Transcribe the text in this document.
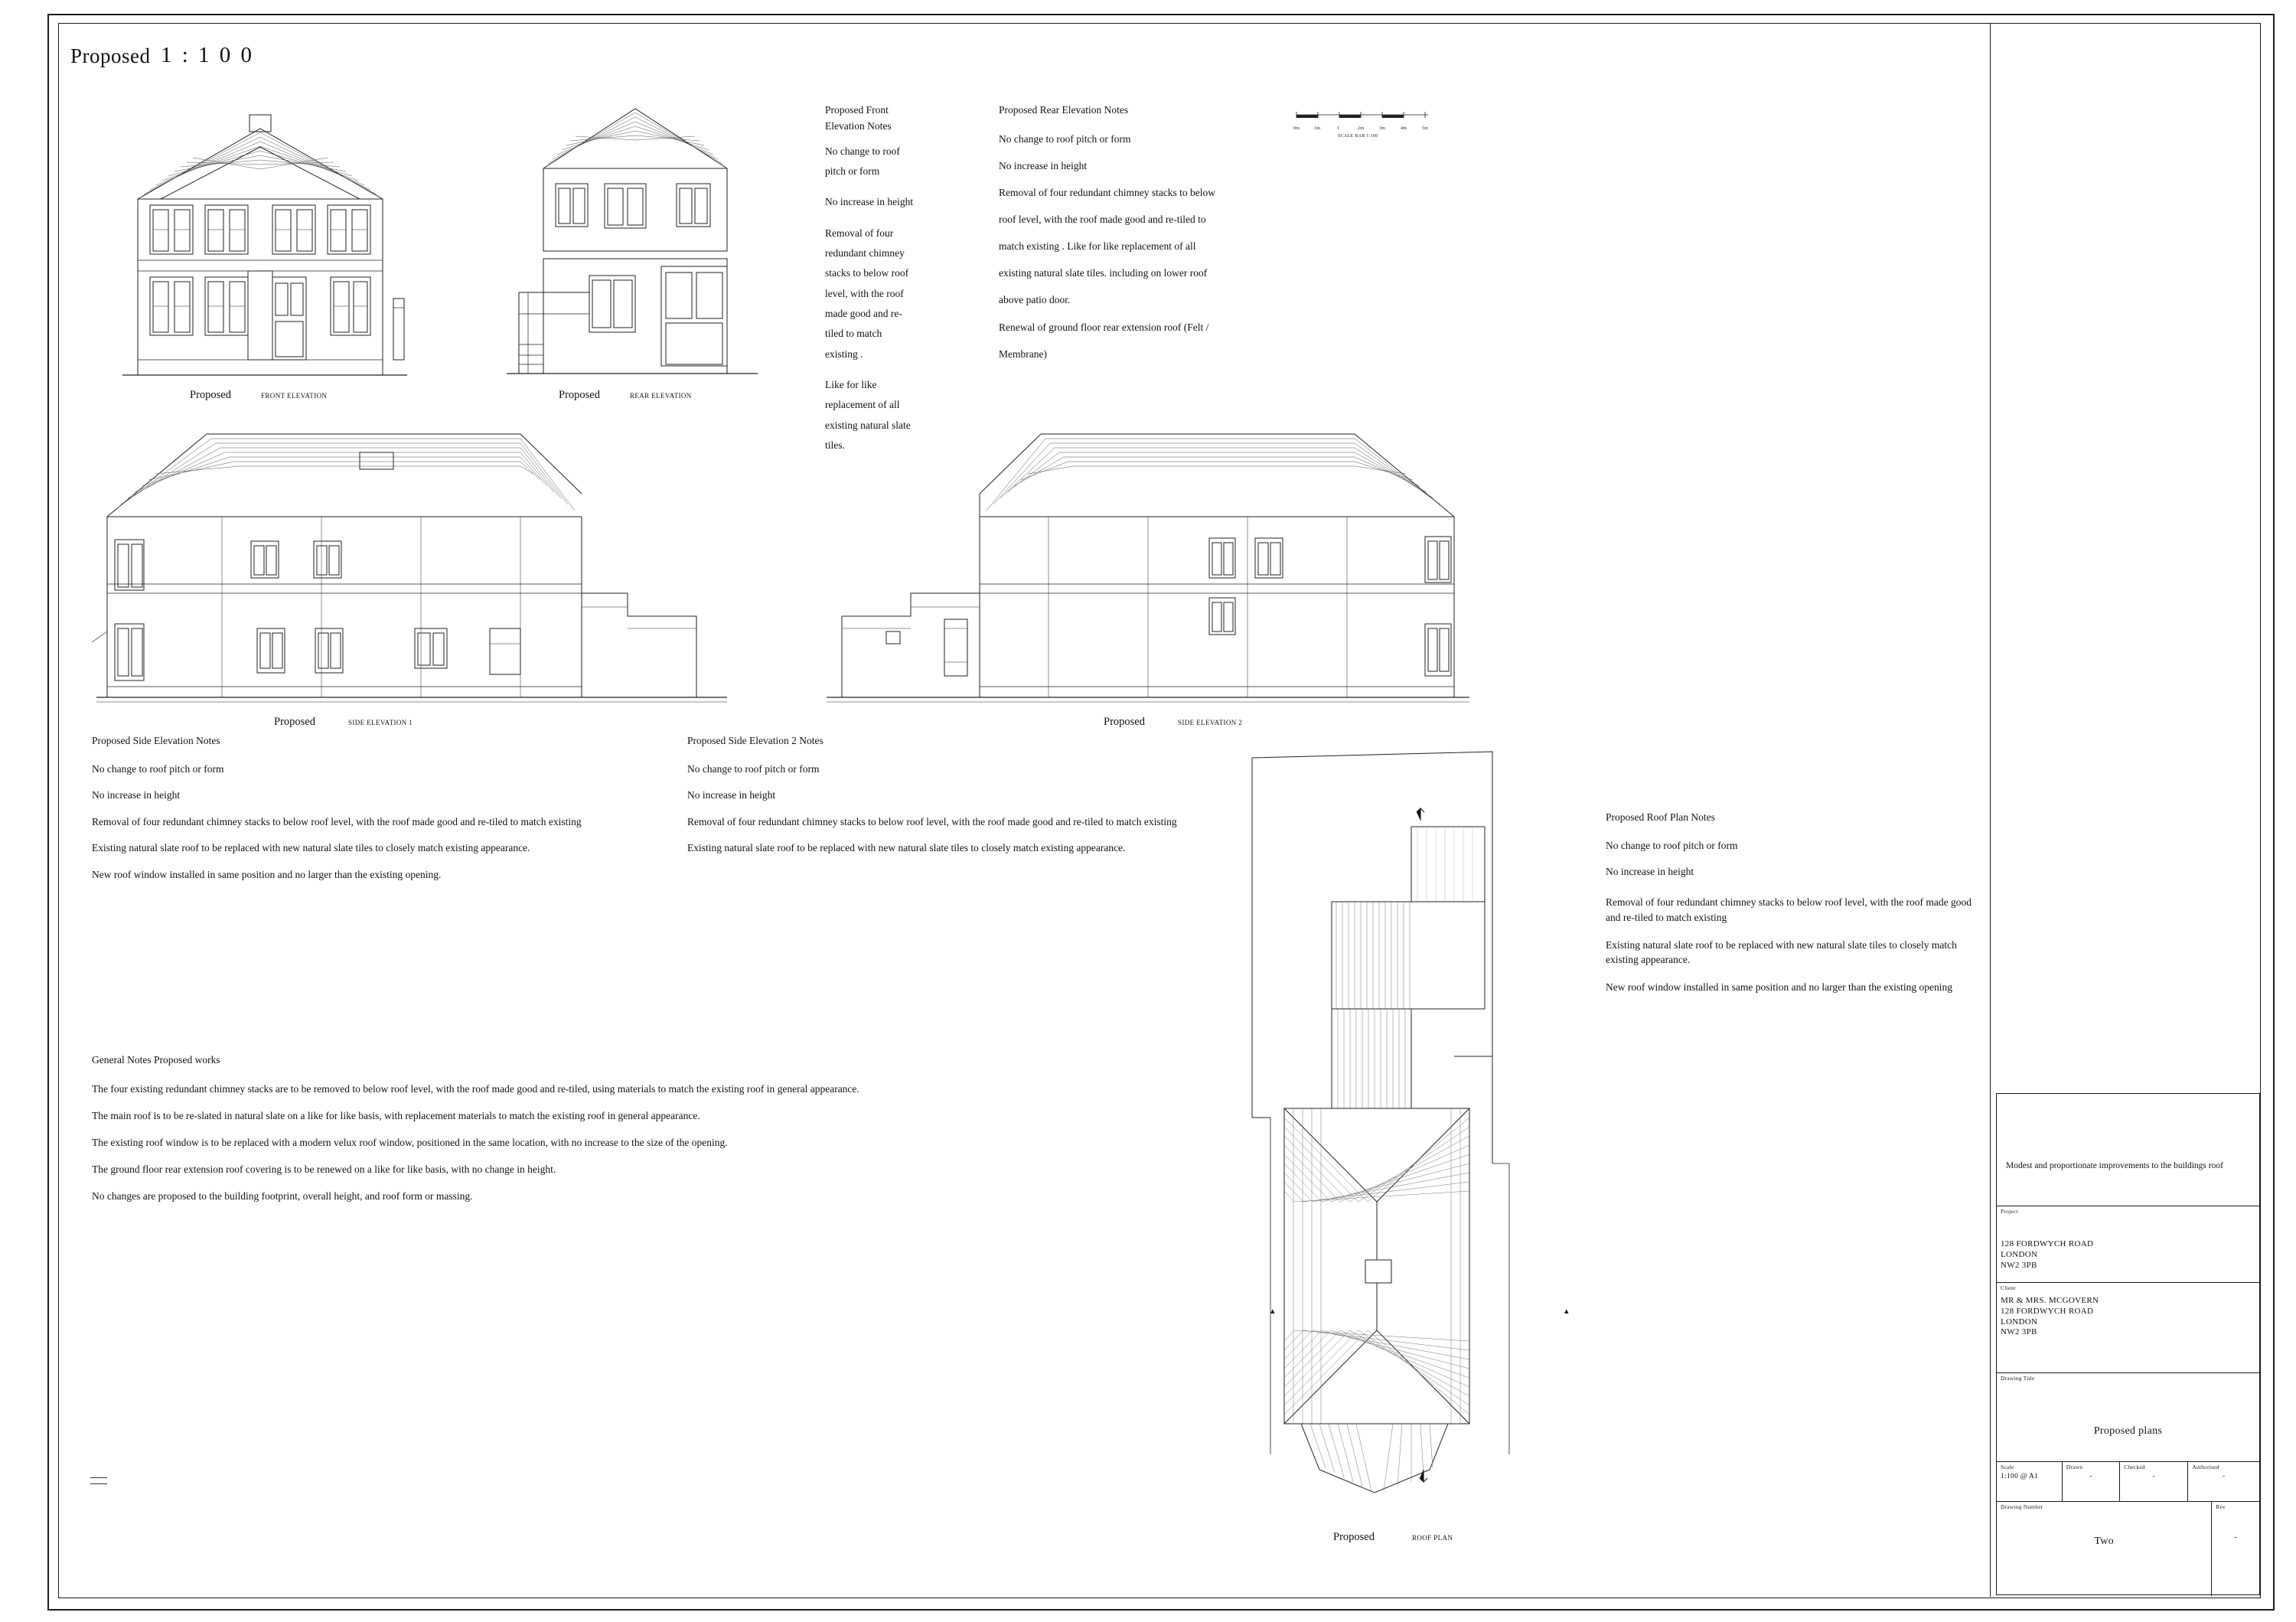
Proposed 1 : 1 0 0
Proposed	FRONT ELEVATION	Proposed	REAR ELEVATION
Proposed Front Elevation Notes

No change to roof pitch or form

No increase in height

Removal of four redundant chimney stacks to below roof level, with the roof made good and re-tiled to match existing .

Like for like replacement of all existing natural slate tiles.

Proposed Rear Elevation Notes

No change to roof pitch or form

No increase in height

Removal of four redundant chimney stacks to below

roof level, with the roof made good and re-tiled to

match existing . Like for like replacement of all

existing natural slate tiles. including on lower roof

above patio door.

Renewal of ground floor rear extension roof (Felt /

Membrane)

0m	1m	1	2m	3m	4m	5m
SCALE BAR 1:100
Proposed	SIDE ELEVATION 1	Proposed	SIDE ELEVATION 2
Proposed Side Elevation Notes

No change to roof pitch or form

No increase in height

Removal of four redundant chimney stacks to below roof level, with the roof made good and re-tiled to match existing

Existing natural slate roof to be replaced with new natural slate tiles to closely match existing appearance.

New roof window installed in same position and no larger than the existing opening.

Proposed Side Elevation 2 Notes

No change to roof pitch or form

No increase in height

Removal of four redundant chimney stacks to below roof level, with the roof made good and re-tiled to match existing

Existing natural slate roof to be replaced with new natural slate tiles to closely match existing appearance.

Proposed Roof Plan Notes

No change to roof pitch or form

No increase in height

Removal of four redundant chimney stacks to below roof level, with the roof made good and re-tiled to match existing

Existing natural slate roof to be replaced with new natural slate tiles to closely match existing appearance.

New roof window installed in same position and no larger than the existing opening

General Notes Proposed works

The four existing redundant chimney stacks are to be removed to below roof level, with the roof made good and re-tiled, using materials to match the existing roof in general appearance.

The main roof is to be re-slated in natural slate on a like for like basis, with replacement materials to match the existing roof in general appearance.

The existing roof window is to be replaced with a modern velux roof window, positioned in the same location, with no increase to the size of the opening.

The ground floor rear extension roof covering is to be renewed on a like for like basis, with no change in height.

No changes are proposed to the building footprint, overall height, and roof form or massing.

▴	▴
Proposed	ROOF PLAN
Modest and proportionate improvements to the buildings roof
Project
128 FORDWYCH ROAD
LONDON
NW2 3PB
Client
MR & MRS. MCGOVERN
128 FORDWYCH ROAD
LONDON
NW2 3PB
Drawing Title
Proposed plans
Scale
1:100 @ A1
Drawn
-
Checked
-
Authorised
-
Drawing Number
Two
Rev
-
